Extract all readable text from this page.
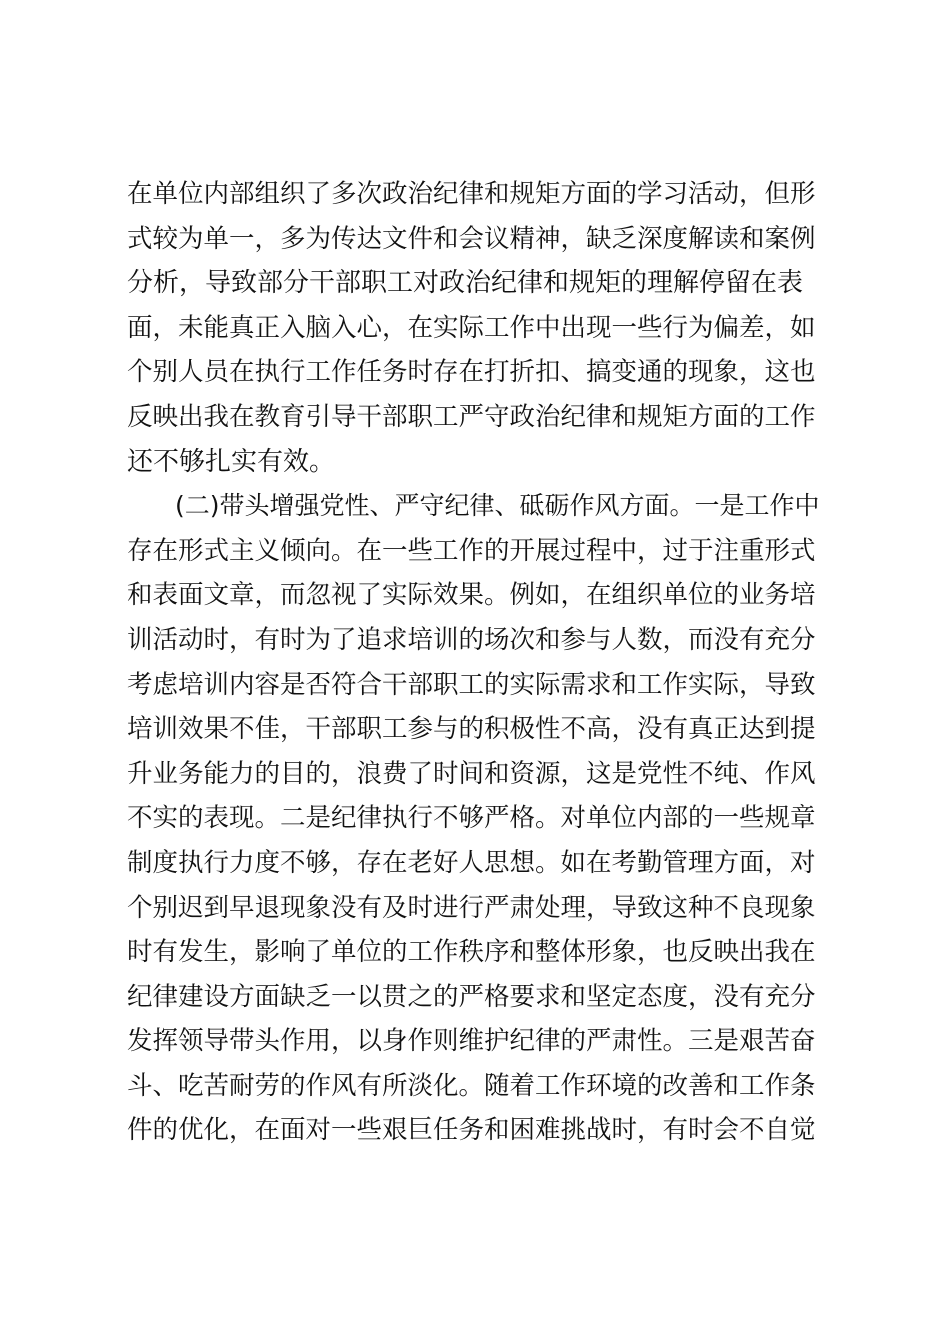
在单位内部组织了多次政治纪律和规矩方面的学习活动，但形
式较为单一，多为传达文件和会议精神，缺乏深度解读和案例
分析，导致部分干部职工对政治纪律和规矩的理解停留在表
面，未能真正入脑入心，在实际工作中出现一些行为偏差，如
个别人员在执行工作任务时存在打折扣、搞变通的现象，这也
反映出我在教育引导干部职工严守政治纪律和规矩方面的工作
还不够扎实有效。
(二)带头增强党性、严守纪律、砥砺作风方面。一是工作中
存在形式主义倾向。在一些工作的开展过程中，过于注重形式
和表面文章，而忽视了实际效果。例如，在组织单位的业务培
训活动时，有时为了追求培训的场次和参与人数，而没有充分
考虑培训内容是否符合干部职工的实际需求和工作实际，导致
培训效果不佳，干部职工参与的积极性不高，没有真正达到提
升业务能力的目的，浪费了时间和资源，这是党性不纯、作风
不实的表现。二是纪律执行不够严格。对单位内部的一些规章
制度执行力度不够，存在老好人思想。如在考勤管理方面，对
个别迟到早退现象没有及时进行严肃处理，导致这种不良现象
时有发生，影响了单位的工作秩序和整体形象，也反映出我在
纪律建设方面缺乏一以贯之的严格要求和坚定态度，没有充分
发挥领导带头作用，以身作则维护纪律的严肃性。三是艰苦奋
斗、吃苦耐劳的作风有所淡化。随着工作环境的改善和工作条
件的优化，在面对一些艰巨任务和困难挑战时，有时会不自觉
